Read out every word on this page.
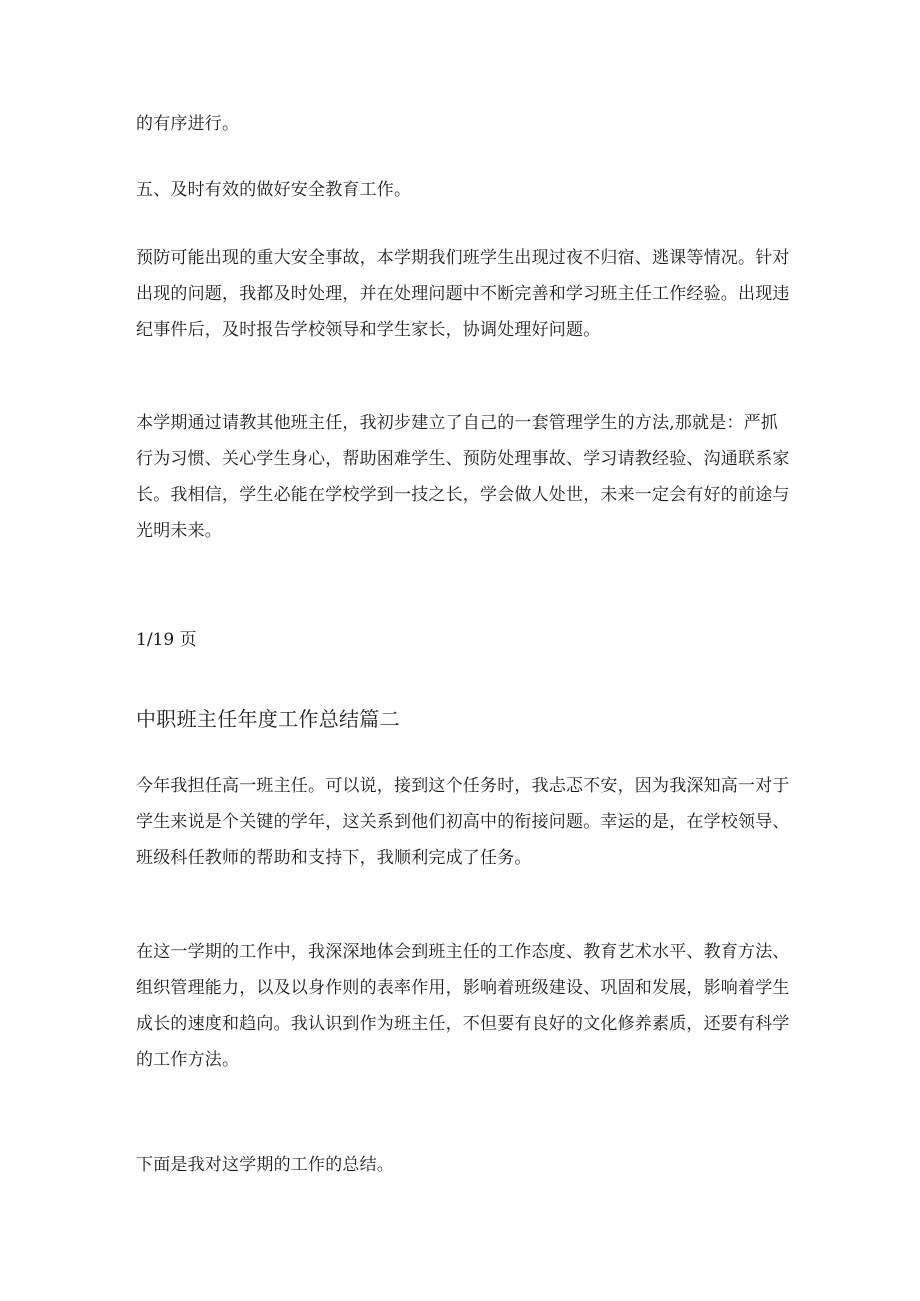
的有序进行。

五、及时有效的做好安全教育工作。

预防可能出现的重大安全事故，本学期我们班学生出现过夜不归宿、逃课等情况。针对
出现的问题，我都及时处理，并在处理问题中不断完善和学习班主任工作经验。出现违
纪事件后，及时报告学校领导和学生家长，协调处理好问题。

本学期通过请教其他班主任，我初步建立了自己的一套管理学生的方法,那就是：严抓
行为习惯、关心学生身心，帮助困难学生、预防处理事故、学习请教经验、沟通联系家
长。我相信，学生必能在学校学到一技之长，学会做人处世，未来一定会有好的前途与
光明未来。

1/19 页

中职班主任年度工作总结篇二

今年我担任高一班主任。可以说，接到这个任务时，我忐忑不安，因为我深知高一对于
学生来说是个关键的学年，这关系到他们初高中的衔接问题。幸运的是，在学校领导、
班级科任教师的帮助和支持下，我顺利完成了任务。

在这一学期的工作中，我深深地体会到班主任的工作态度、教育艺术水平、教育方法、
组织管理能力，以及以身作则的表率作用，影响着班级建设、巩固和发展，影响着学生
成长的速度和趋向。我认识到作为班主任，不但要有良好的文化修养素质，还要有科学
的工作方法。

下面是我对这学期的工作的总结。
